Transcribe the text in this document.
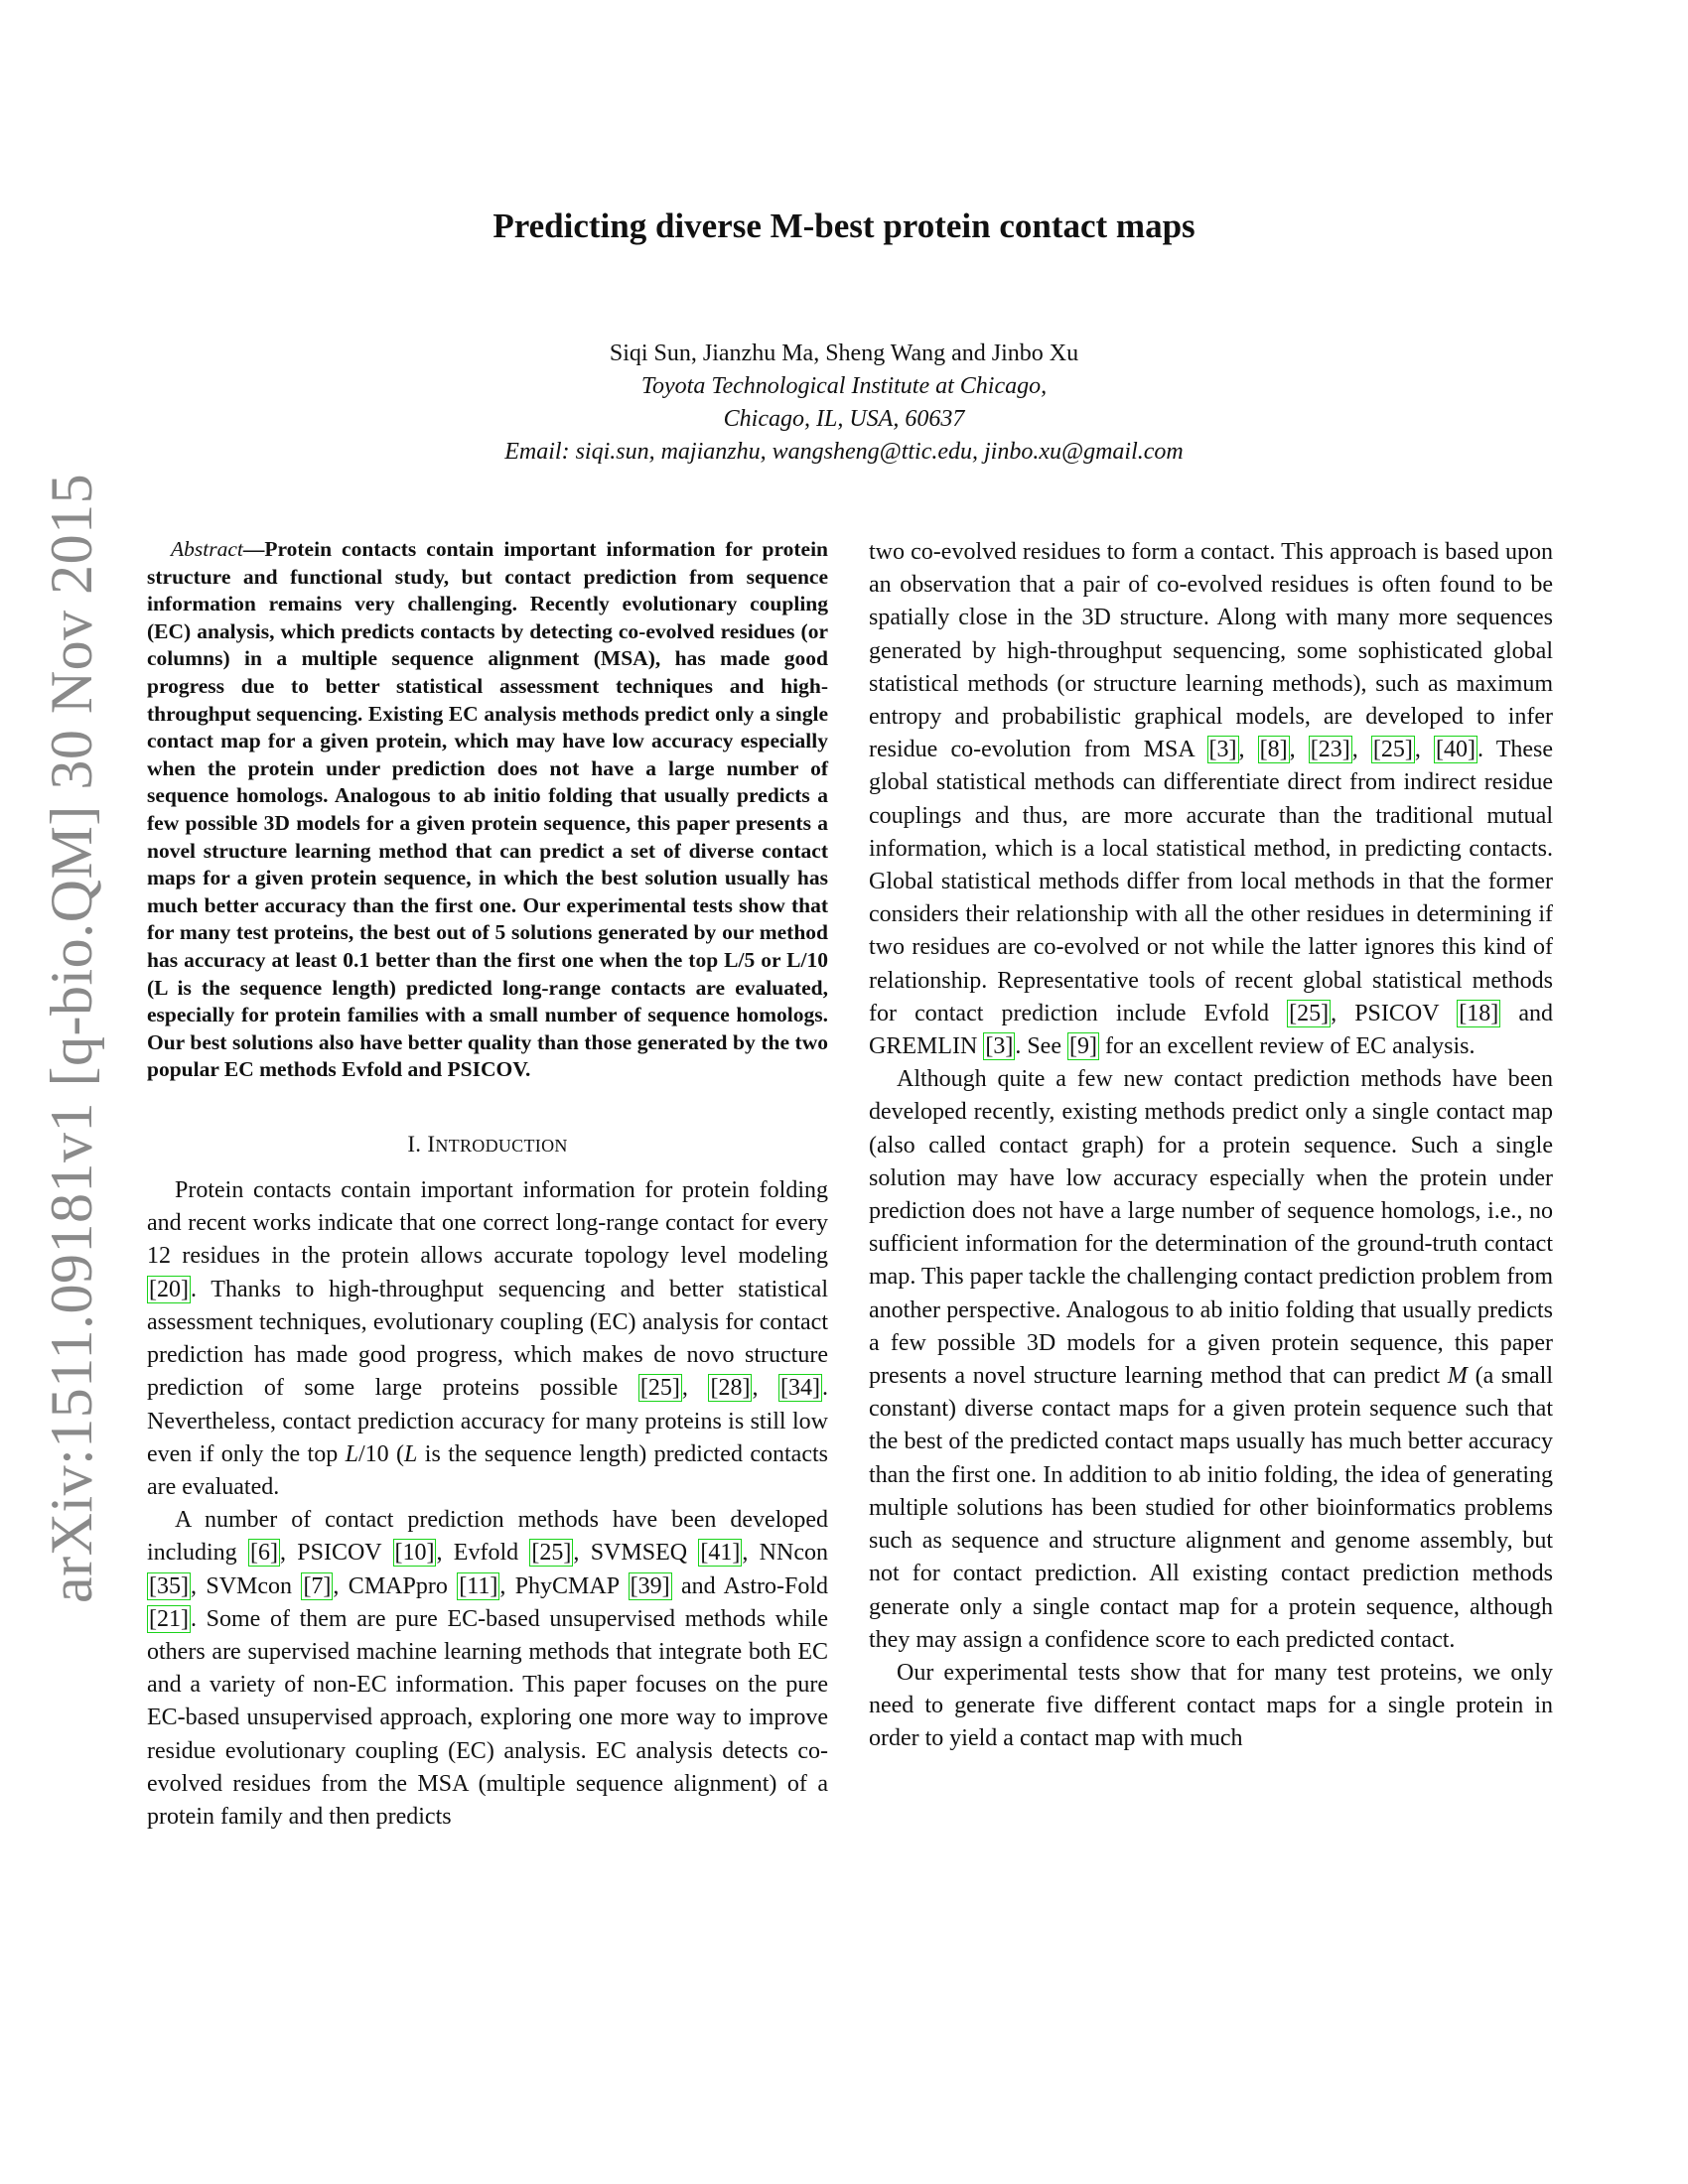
arXiv:1511.09181v1 [q-bio.QM] 30 Nov 2015
Predicting diverse M-best protein contact maps
Siqi Sun, Jianzhu Ma, Sheng Wang and Jinbo Xu
Toyota Technological Institute at Chicago,
Chicago, IL, USA, 60637
Email: siqi.sun, majianzhu, wangsheng@ttic.edu, jinbo.xu@gmail.com

Abstract—Protein contacts contain important information for protein structure and functional study, but contact prediction from sequence information remains very challenging. Recently evolutionary coupling (EC) analysis, which predicts contacts by detecting co-evolved residues (or columns) in a multiple sequence alignment (MSA), has made good progress due to better statistical assessment techniques and high-throughput sequencing. Existing EC analysis methods predict only a single contact map for a given protein, which may have low accuracy especially when the protein under prediction does not have a large number of sequence homologs. Analogous to ab initio folding that usually predicts a few possible 3D models for a given protein sequence, this paper presents a novel structure learning method that can predict a set of diverse contact maps for a given protein sequence, in which the best solution usually has much better accuracy than the first one. Our experimental tests show that for many test proteins, the best out of 5 solutions generated by our method has accuracy at least 0.1 better than the first one when the top L/5 or L/10 (L is the sequence length) predicted long-range contacts are evaluated, especially for protein families with a small number of sequence homologs. Our best solutions also have better quality than those generated by the two popular EC methods Evfold and PSICOV.

I. INTRODUCTION

Protein contacts contain important information for protein folding and recent works indicate that one correct long-range contact for every 12 residues in the protein allows accurate topology level modeling [20]. Thanks to high-throughput sequencing and better statistical assessment techniques, evolutionary coupling (EC) analysis for contact prediction has made good progress, which makes de novo structure prediction of some large proteins possible [25], [28], [34]. Nevertheless, contact prediction accuracy for many proteins is still low even if only the top L/10 (L is the sequence length) predicted contacts are evaluated.

A number of contact prediction methods have been developed including [6], PSICOV [10], Evfold [25], SVMSEQ [41], NNcon [35], SVMcon [7], CMAPpro [11], PhyCMAP [39] and Astro-Fold [21]. Some of them are pure EC-based unsupervised methods while others are supervised machine learning methods that integrate both EC and a variety of non-EC information. This paper focuses on the pure EC-based unsupervised approach, exploring one more way to improve residue evolutionary coupling (EC) analysis. EC analysis detects co-evolved residues from the MSA (multiple sequence alignment) of a protein family and then predicts

two co-evolved residues to form a contact. This approach is based upon an observation that a pair of co-evolved residues is often found to be spatially close in the 3D structure. Along with many more sequences generated by high-throughput sequencing, some sophisticated global statistical methods (or structure learning methods), such as maximum entropy and probabilistic graphical models, are developed to infer residue co-evolution from MSA [3], [8], [23], [25], [40]. These global statistical methods can differentiate direct from indirect residue couplings and thus, are more accurate than the traditional mutual information, which is a local statistical method, in predicting contacts. Global statistical methods differ from local methods in that the former considers their relationship with all the other residues in determining if two residues are co-evolved or not while the latter ignores this kind of relationship. Representative tools of recent global statistical methods for contact prediction include Evfold [25], PSICOV [18] and GREMLIN [3]. See [9] for an excellent review of EC analysis.

Although quite a few new contact prediction methods have been developed recently, existing methods predict only a single contact map (also called contact graph) for a protein sequence. Such a single solution may have low accuracy especially when the protein under prediction does not have a large number of sequence homologs, i.e., no sufficient information for the determination of the ground-truth contact map. This paper tackle the challenging contact prediction problem from another perspective. Analogous to ab initio folding that usually predicts a few possible 3D models for a given protein sequence, this paper presents a novel structure learning method that can predict M (a small constant) diverse contact maps for a given protein sequence such that the best of the predicted contact maps usually has much better accuracy than the first one. In addition to ab initio folding, the idea of generating multiple solutions has been studied for other bioinformatics problems such as sequence and structure alignment and genome assembly, but not for contact prediction. All existing contact prediction methods generate only a single contact map for a protein sequence, although they may assign a confidence score to each predicted contact.

Our experimental tests show that for many test proteins, we only need to generate five different contact maps for a single protein in order to yield a contact map with much
